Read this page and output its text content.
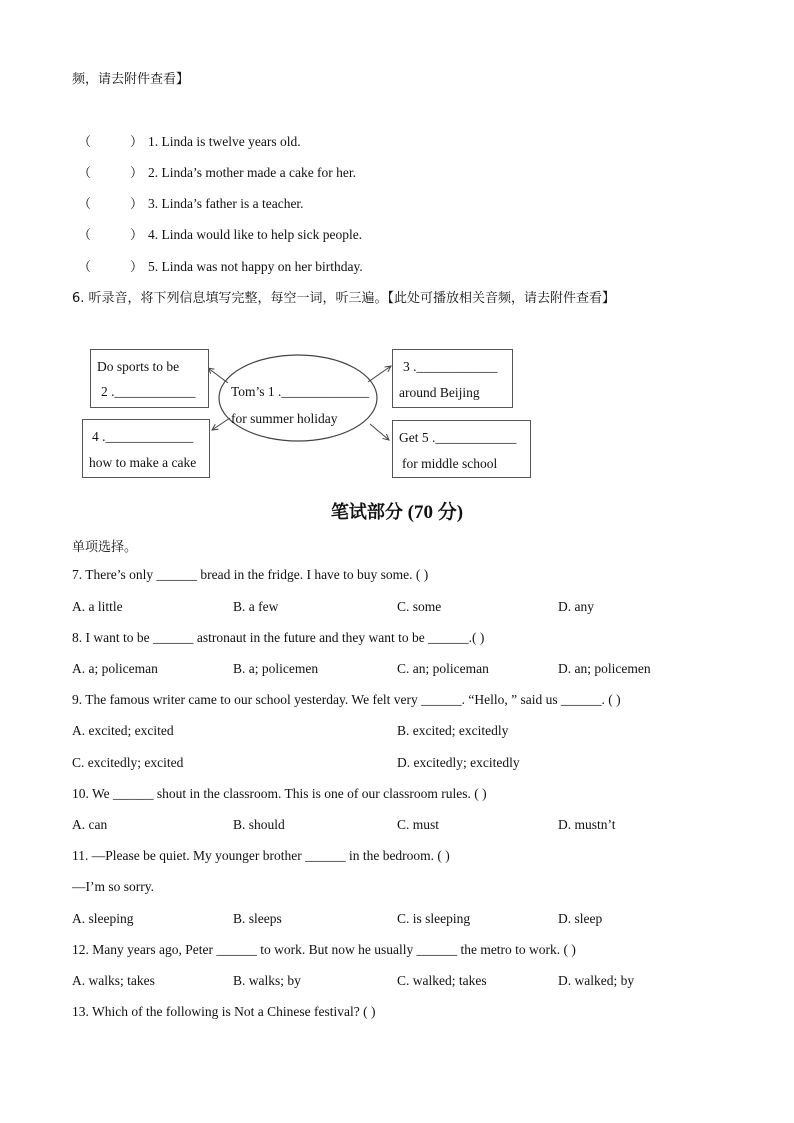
频，请去附件查看】
（	） 1. Linda is twelve years old.
（	） 2. Linda’s mother made a cake for her.
（	） 3. Linda’s father is a teacher.
（	） 4. Linda would like to help sick people.
（	） 5. Linda was not happy on her birthday.
6. 听录音，将下列信息填写完整，每空一词，听三遍。【此处可播放相关音频，请去附件查看】
Tom’s 1 ._____________
for summer holiday
Do sports to be
2 .____________
4 ._____________
how to make a cake
3 .____________
around Beijing
Get 5 .____________
for middle school
笔试部分 (70 分)
单项选择。
7. There’s only ______ bread in the fridge. I have to buy some. ( )
A. a little	B. a few	C. some	D. any
8. I want to be ______ astronaut in the future and they want to be ______.( )
A. a; policeman	B. a; policemen	C. an; policeman	D. an; policemen
9. The famous writer came to our school yesterday. We felt very ______. “Hello, ” said us ______. ( )
A. excited; excited	B. excited; excitedly
C. excitedly; excited	D. excitedly; excitedly
10. We ______ shout in the classroom. This is one of our classroom rules. ( )
A. can	B. should	C. must	D. mustn’t
11. —Please be quiet. My younger brother ______ in the bedroom. ( )
—I’m so sorry.
A. sleeping	B. sleeps	C. is sleeping	D. sleep
12. Many years ago, Peter ______ to work. But now he usually ______ the metro to work. ( )
A. walks; takes	B. walks; by	C. walked; takes	D. walked; by
13. Which of the following is Not a Chinese festival? ( )
